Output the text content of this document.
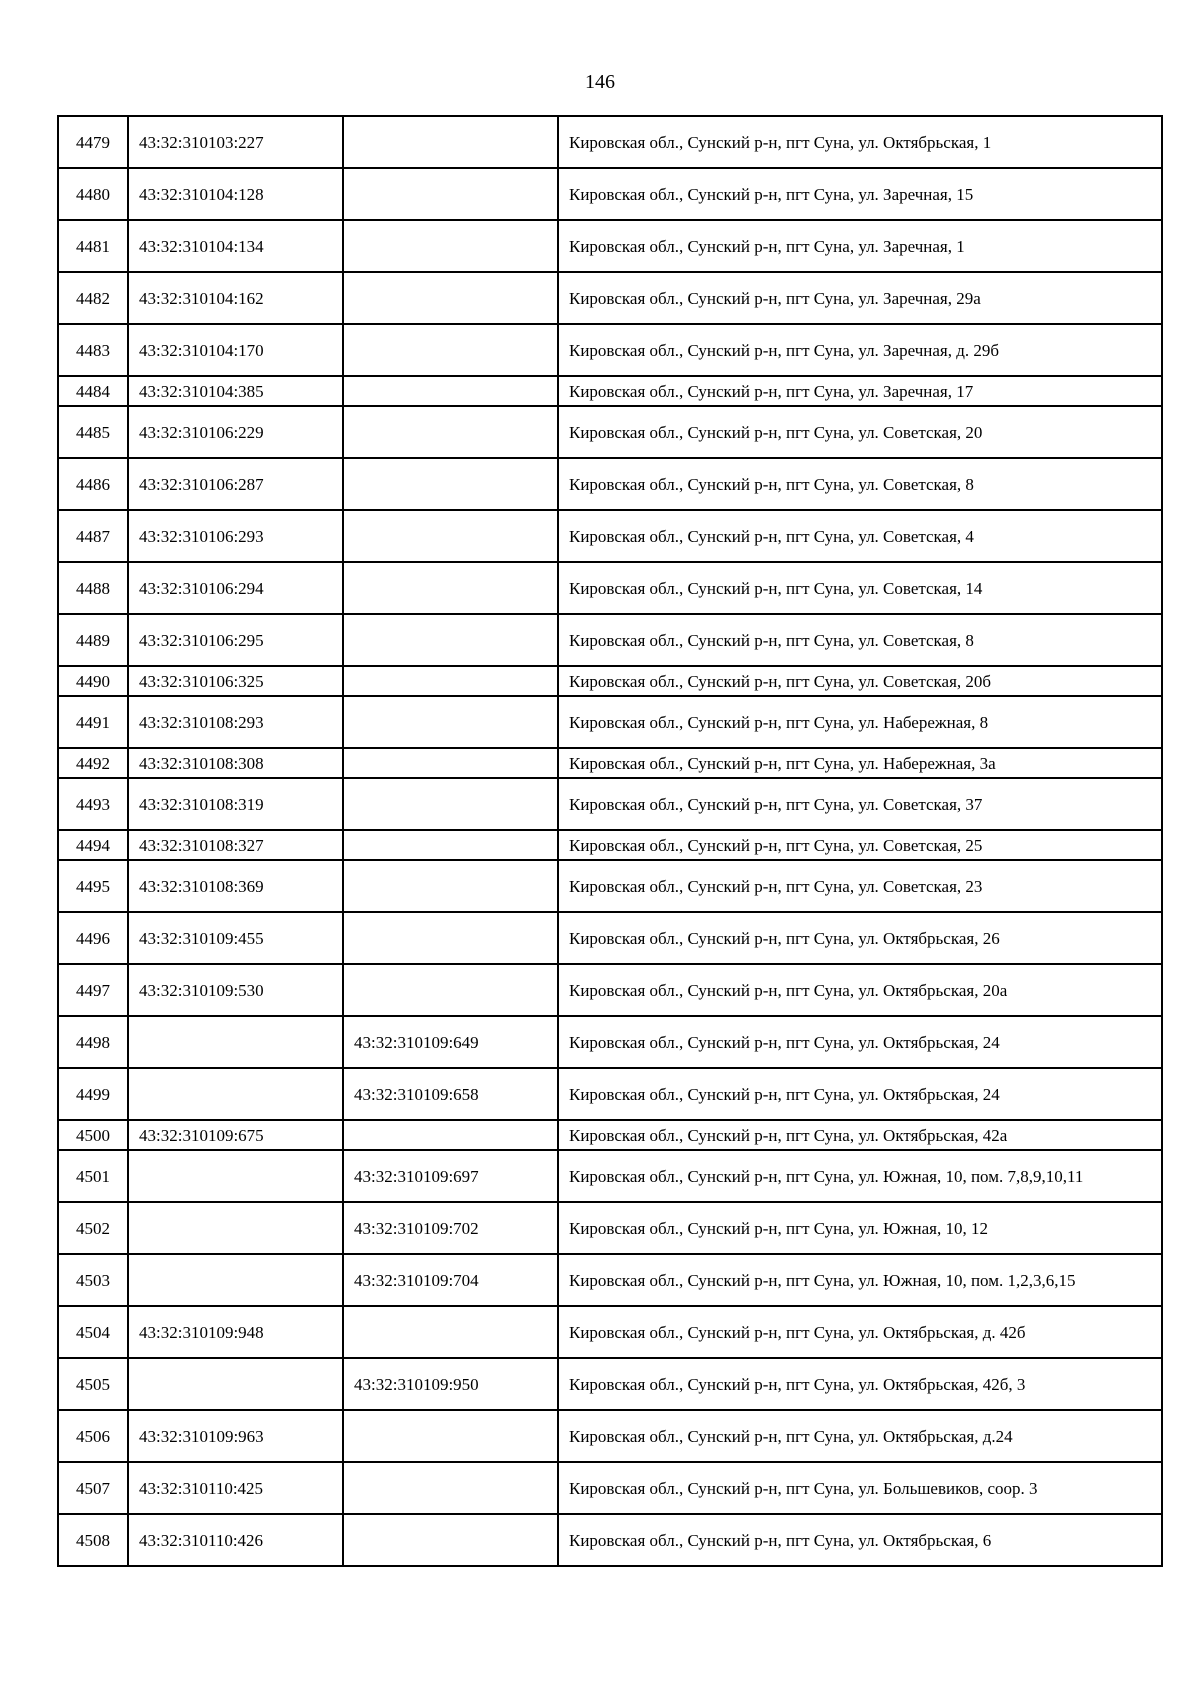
146
4479	43:32:310103:227		Кировская обл., Сунский р-н, пгт Суна, ул. Октябрьская, 1
4480	43:32:310104:128		Кировская обл., Сунский р-н, пгт Суна, ул. Заречная, 15
4481	43:32:310104:134		Кировская обл., Сунский р-н, пгт Суна, ул. Заречная, 1
4482	43:32:310104:162		Кировская обл., Сунский р-н, пгт Суна, ул. Заречная, 29а
4483	43:32:310104:170		Кировская обл., Сунский р-н, пгт Суна, ул. Заречная, д. 29б
4484	43:32:310104:385		Кировская обл., Сунский р-н, пгт Суна, ул. Заречная, 17
4485	43:32:310106:229		Кировская обл., Сунский р-н, пгт Суна, ул. Советская, 20
4486	43:32:310106:287		Кировская обл., Сунский р-н, пгт Суна, ул. Советская, 8
4487	43:32:310106:293		Кировская обл., Сунский р-н, пгт Суна, ул. Советская, 4
4488	43:32:310106:294		Кировская обл., Сунский р-н, пгт Суна, ул. Советская, 14
4489	43:32:310106:295		Кировская обл., Сунский р-н, пгт Суна, ул. Советская, 8
4490	43:32:310106:325		Кировская обл., Сунский р-н, пгт Суна, ул. Советская, 20б
4491	43:32:310108:293		Кировская обл., Сунский р-н, пгт Суна, ул. Набережная, 8
4492	43:32:310108:308		Кировская обл., Сунский р-н, пгт Суна, ул. Набережная, 3а
4493	43:32:310108:319		Кировская обл., Сунский р-н, пгт Суна, ул. Советская, 37
4494	43:32:310108:327		Кировская обл., Сунский р-н, пгт Суна, ул. Советская, 25
4495	43:32:310108:369		Кировская обл., Сунский р-н, пгт Суна, ул. Советская, 23
4496	43:32:310109:455		Кировская обл., Сунский р-н, пгт Суна, ул. Октябрьская, 26
4497	43:32:310109:530		Кировская обл., Сунский р-н, пгт Суна, ул. Октябрьская, 20а
4498		43:32:310109:649	Кировская обл., Сунский р-н, пгт Суна, ул. Октябрьская, 24
4499		43:32:310109:658	Кировская обл., Сунский р-н, пгт Суна, ул. Октябрьская, 24
4500	43:32:310109:675		Кировская обл., Сунский р-н, пгт Суна, ул. Октябрьская, 42а
4501		43:32:310109:697	Кировская обл., Сунский р-н, пгт Суна, ул. Южная, 10, пом. 7,8,9,10,11
4502		43:32:310109:702	Кировская обл., Сунский р-н, пгт Суна, ул. Южная, 10, 12
4503		43:32:310109:704	Кировская обл., Сунский р-н, пгт Суна, ул. Южная, 10, пом. 1,2,3,6,15
4504	43:32:310109:948		Кировская обл., Сунский р-н, пгт Суна, ул. Октябрьская, д. 42б
4505		43:32:310109:950	Кировская обл., Сунский р-н, пгт Суна, ул. Октябрьская, 42б, 3
4506	43:32:310109:963		Кировская обл., Сунский р-н, пгт Суна, ул. Октябрьская, д.24
4507	43:32:310110:425		Кировская обл., Сунский р-н, пгт Суна, ул. Большевиков, соор. 3
4508	43:32:310110:426		Кировская обл., Сунский р-н, пгт Суна, ул. Октябрьская, 6
